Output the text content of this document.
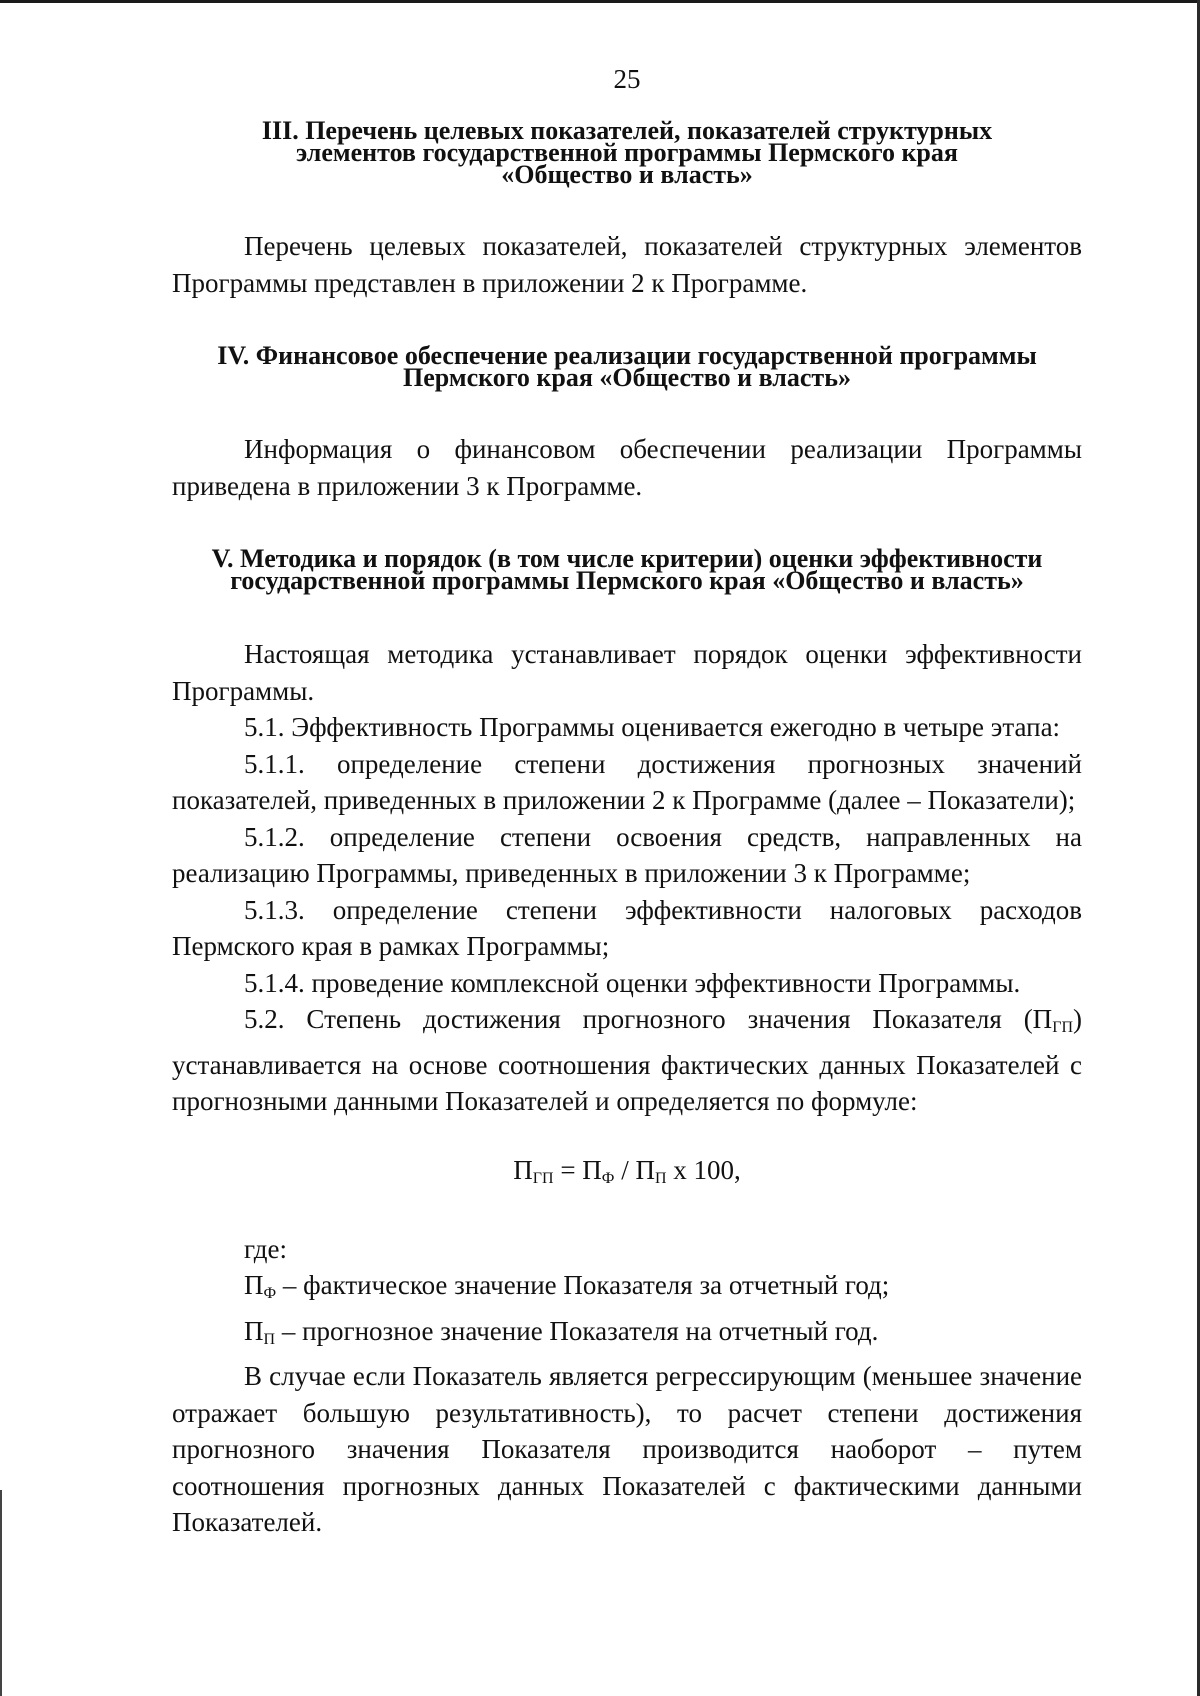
25
III. Перечень целевых показателей, показателей структурных
элементов государственной программы Пермского края
«Общество и власть»

Перечень целевых показателей, показателей структурных элементов Программы представлен в приложении 2 к Программе.

IV. Финансовое обеспечение реализации государственной программы
Пермского края «Общество и власть»

Информация о финансовом обеспечении реализации Программы приведена в приложении 3 к Программе.

V. Методика и порядок (в том числе критерии) оценки эффективности
государственной программы Пермского края «Общество и власть»

Настоящая методика устанавливает порядок оценки эффективности Программы.

5.1. Эффективность Программы оценивается ежегодно в четыре этапа:

5.1.1. определение степени достижения прогнозных значений показателей, приведенных в приложении 2 к Программе (далее – Показатели);

5.1.2. определение степени освоения средств, направленных на реализацию Программы, приведенных в приложении 3 к Программе;

5.1.3. определение степени эффективности налоговых расходов Пермского края в рамках Программы;

5.1.4. проведение комплексной оценки эффективности Программы.

5.2. Степень достижения прогнозного значения Показателя $(П_{ГП})$ устанавливается на основе соотношения фактических данных Показателей с прогнозными данными Показателей и определяется по формуле:

$П_{ГП} = П_Ф / П_П$ x 100,

где:

$П_Ф$ – фактическое значение Показателя за отчетный год;

$П_П$ – прогнозное значение Показателя на отчетный год.

В случае если Показатель является регрессирующим (меньшее значение отражает большую результативность), то расчет степени достижения прогнозного значения Показателя производится наоборот – путем соотношения прогнозных данных Показателей с фактическими данными Показателей.
